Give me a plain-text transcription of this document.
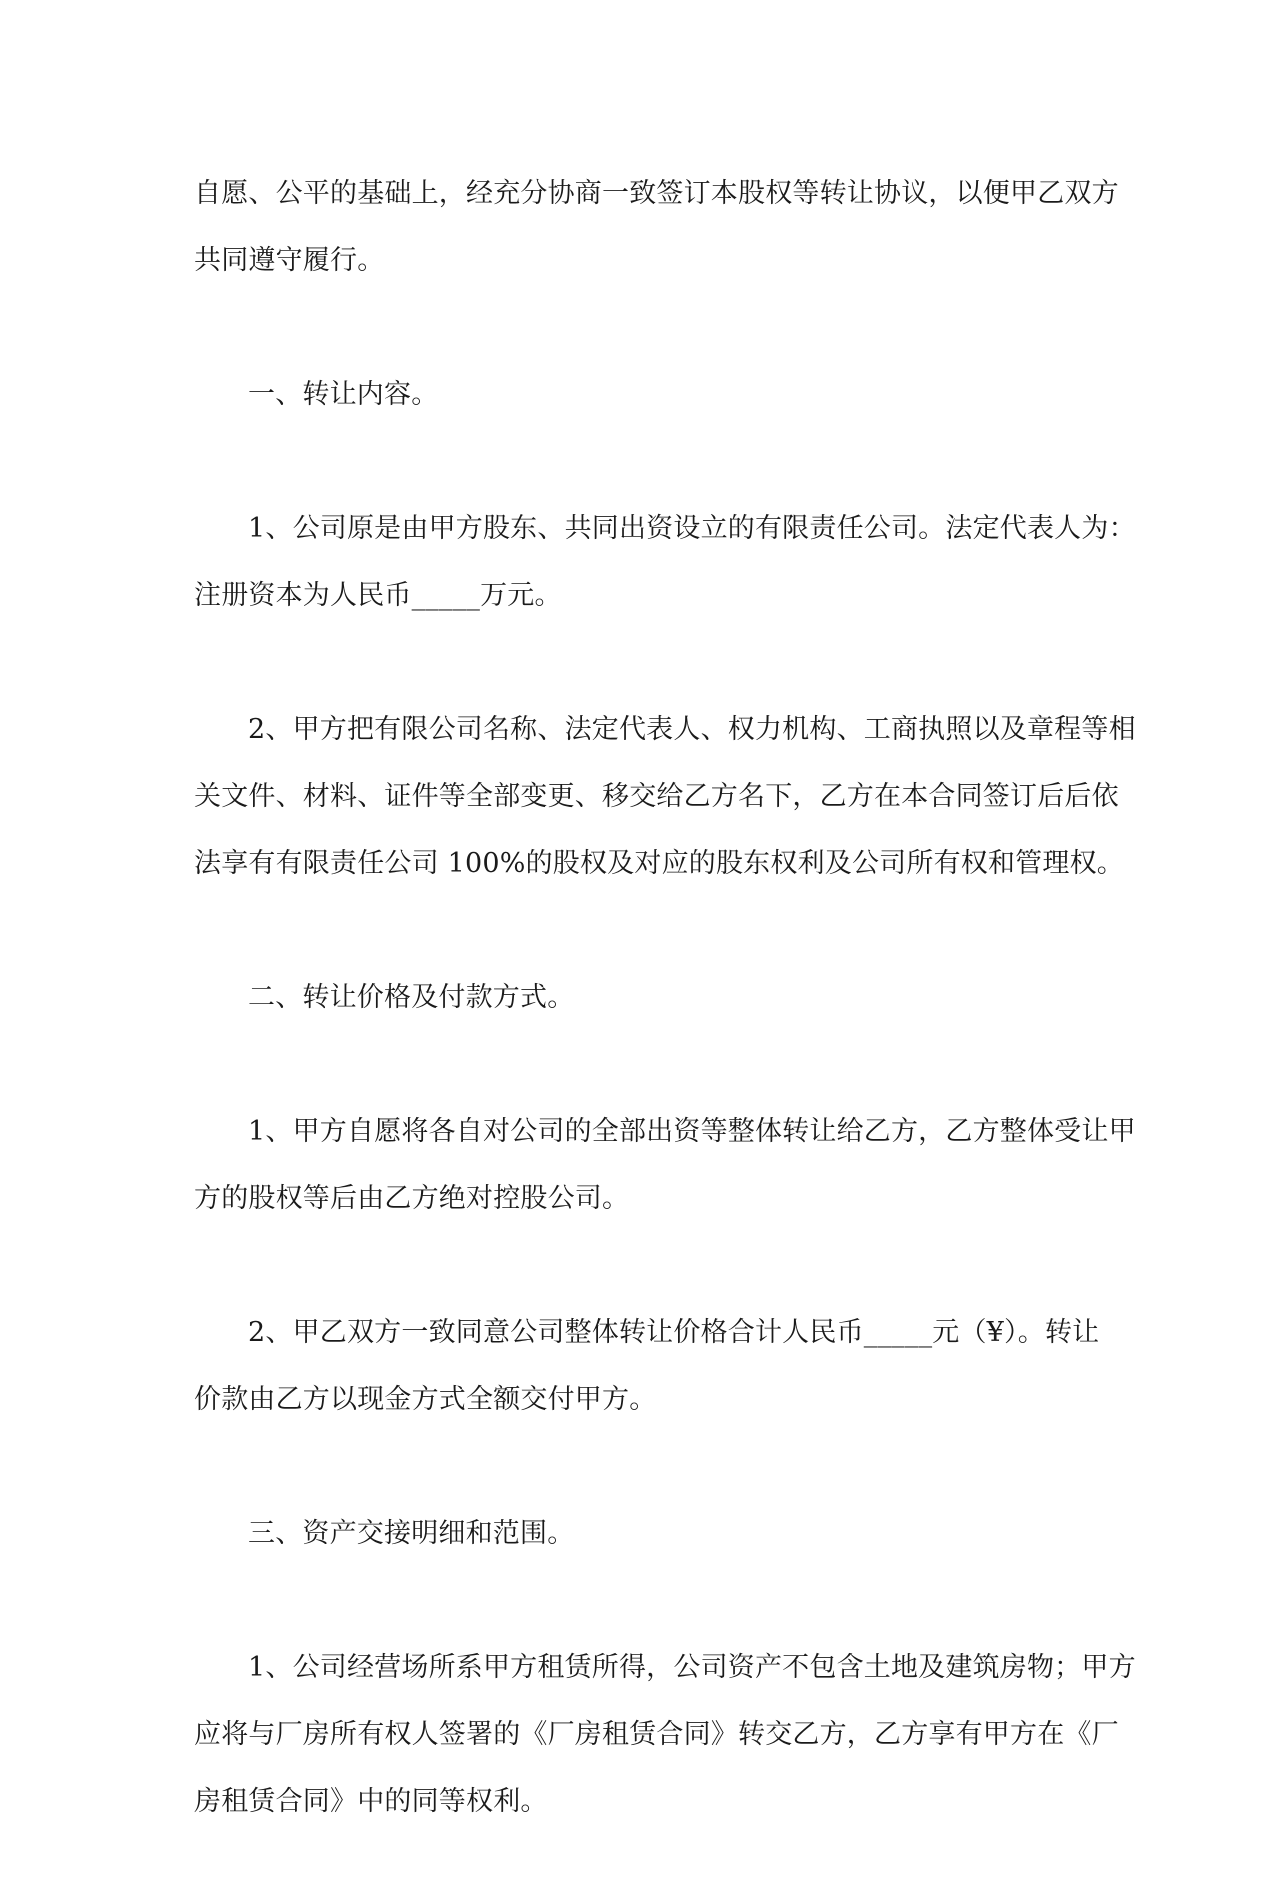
自愿、公平的基础上，经充分协商一致签订本股权等转让协议，以便甲乙双方
共同遵守履行。

一、转让内容。

1、公司原是由甲方股东、共同出资设立的有限责任公司。法定代表人为：
注册资本为人民币_____万元。

2、甲方把有限公司名称、法定代表人、权力机构、工商执照以及章程等相
关文件、材料、证件等全部变更、移交给乙方名下，乙方在本合同签订后后依
法享有有限责任公司 100%的股权及对应的股东权利及公司所有权和管理权。

二、转让价格及付款方式。

1、甲方自愿将各自对公司的全部出资等整体转让给乙方，乙方整体受让甲
方的股权等后由乙方绝对控股公司。

2、甲乙双方一致同意公司整体转让价格合计人民币_____元（¥）。转让
价款由乙方以现金方式全额交付甲方。

三、资产交接明细和范围。

1、公司经营场所系甲方租赁所得，公司资产不包含土地及建筑房物；甲方
应将与厂房所有权人签署的《厂房租赁合同》转交乙方，乙方享有甲方在《厂
房租赁合同》中的同等权利。
